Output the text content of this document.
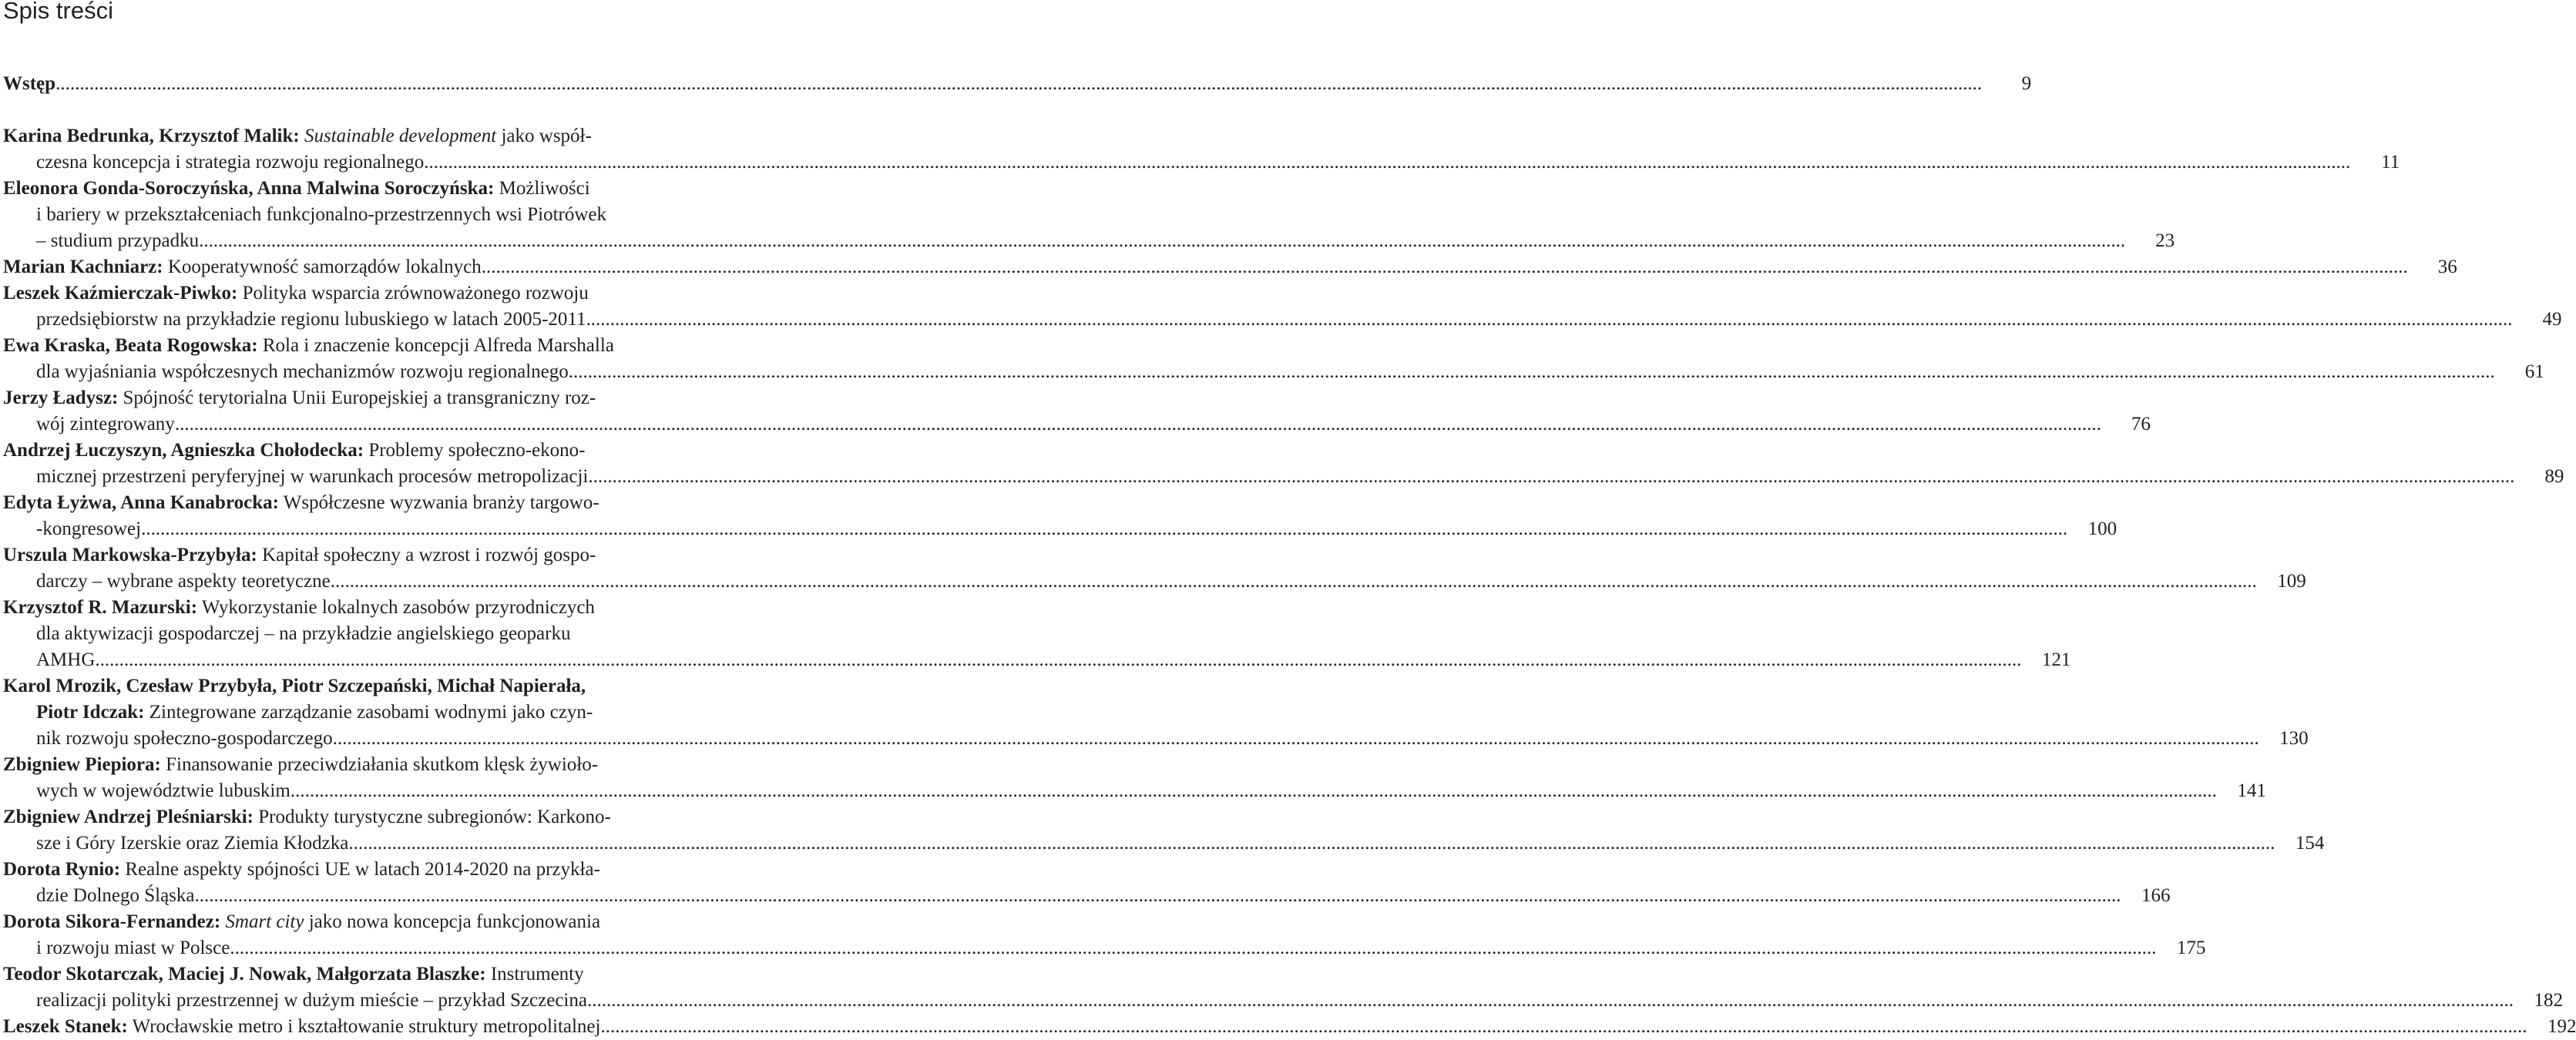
Spis treści
Wstęp ................................................................................................................................................................................................................................................................................................................................................................................................................	9
Karina Bedrunka, Krzysztof Malik: Sustainable development jako współ-
czesna koncepcja i strategia rozwoju regionalnego ................................................................................................................................................................................................................................................................................................................................................................................................................	11
Eleonora Gonda-Soroczyńska, Anna Malwina Soroczyńska: Możliwości
i bariery w przekształceniach funkcjonalno-przestrzennych wsi Piotrówek
– studium przypadku ................................................................................................................................................................................................................................................................................................................................................................................................................	23
Marian Kachniarz: Kooperatywność samorządów lokalnych ................................................................................................................................................................................................................................................................................................................................................................................................................	36
Leszek Kaźmierczak-Piwko: Polityka wsparcia zrównoważonego rozwoju
przedsiębiorstw na przykładzie regionu lubuskiego w latach 2005-2011 ................................................................................................................................................................................................................................................................................................................................................................................................................	49
Ewa Kraska, Beata Rogowska: Rola i znaczenie koncepcji Alfreda Marshalla
dla wyjaśniania współczesnych mechanizmów rozwoju regionalnego ................................................................................................................................................................................................................................................................................................................................................................................................................	61
Jerzy Ładysz: Spójność terytorialna Unii Europejskiej a transgraniczny roz-
wój zintegrowany ................................................................................................................................................................................................................................................................................................................................................................................................................	76
Andrzej Łuczyszyn, Agnieszka Chołodecka: Problemy społeczno-ekono-
micznej przestrzeni peryferyjnej w warunkach procesów metropolizacji ................................................................................................................................................................................................................................................................................................................................................................................................................	89
Edyta Łyżwa, Anna Kanabrocka: Współczesne wyzwania branży targowo-
-kongresowej ................................................................................................................................................................................................................................................................................................................................................................................................................	100
Urszula Markowska-Przybyła: Kapitał społeczny a wzrost i rozwój gospo-
darczy – wybrane aspekty teoretyczne ................................................................................................................................................................................................................................................................................................................................................................................................................	109
Krzysztof R. Mazurski: Wykorzystanie lokalnych zasobów przyrodniczych
dla aktywizacji gospodarczej – na przykładzie angielskiego geoparku
AMHG ................................................................................................................................................................................................................................................................................................................................................................................................................	121
Karol Mrozik, Czesław Przybyła, Piotr Szczepański, Michał Napierała,
Piotr Idczak: Zintegrowane zarządzanie zasobami wodnymi jako czyn-
nik rozwoju społeczno-gospodarczego ................................................................................................................................................................................................................................................................................................................................................................................................................	130
Zbigniew Piepiora: Finansowanie przeciwdziałania skutkom klęsk żywioło-
wych w województwie lubuskim ................................................................................................................................................................................................................................................................................................................................................................................................................	141
Zbigniew Andrzej Pleśniarski: Produkty turystyczne subregionów: Karkono-
sze i Góry Izerskie oraz Ziemia Kłodzka ................................................................................................................................................................................................................................................................................................................................................................................................................	154
Dorota Rynio: Realne aspekty spójności UE w latach 2014-2020 na przykła-
dzie Dolnego Śląska ................................................................................................................................................................................................................................................................................................................................................................................................................	166
Dorota Sikora-Fernandez: Smart city jako nowa koncepcja funkcjonowania
i rozwoju miast w Polsce ................................................................................................................................................................................................................................................................................................................................................................................................................	175
Teodor Skotarczak, Maciej J. Nowak, Małgorzata Blaszke: Instrumenty
realizacji polityki przestrzennej w dużym mieście – przykład Szczecina ................................................................................................................................................................................................................................................................................................................................................................................................................	182
Leszek Stanek: Wrocławskie metro i kształtowanie struktury metropolitalnej ................................................................................................................................................................................................................................................................................................................................................................................................................	192
